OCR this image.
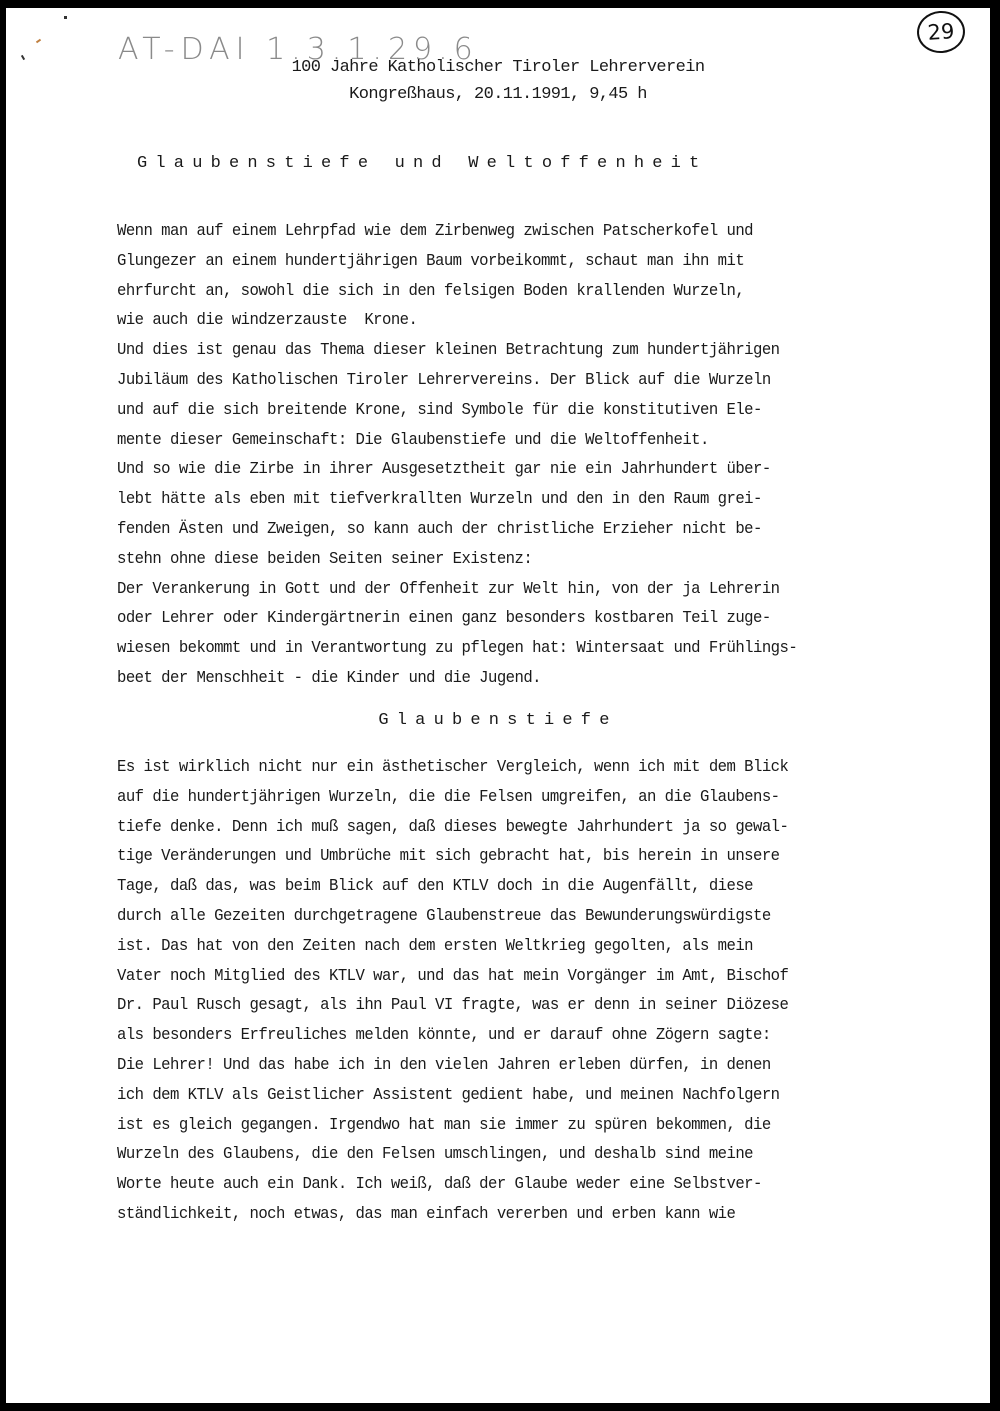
AT-DAI 1.3.1.29.6	29
100 Jahre Katholischer Tiroler Lehrerverein
Kongreßhaus, 20.11.1991, 9,45 h
Glaubenstiefe und Weltoffenheit
Wenn man auf einem Lehrpfad wie dem Zirbenweg zwischen Patscherkofel und
Glungezer an einem hundertjährigen Baum vorbeikommt, schaut man ihn mit
ehrfurcht an, sowohl die sich in den felsigen Boden krallenden Wurzeln,
wie auch die windzerzauste  Krone.
Und dies ist genau das Thema dieser kleinen Betrachtung zum hundertjährigen
Jubiläum des Katholischen Tiroler Lehrervereins. Der Blick auf die Wurzeln
und auf die sich breitende Krone, sind Symbole für die konstitutiven Ele-
mente dieser Gemeinschaft: Die Glaubenstiefe und die Weltoffenheit.
Und so wie die Zirbe in ihrer Ausgesetztheit gar nie ein Jahrhundert über-
lebt hätte als eben mit tiefverkrallten Wurzeln und den in den Raum grei-
fenden Ästen und Zweigen, so kann auch der christliche Erzieher nicht be-
stehn ohne diese beiden Seiten seiner Existenz:
Der Verankerung in Gott und der Offenheit zur Welt hin, von der ja Lehrerin
oder Lehrer oder Kindergärtnerin einen ganz besonders kostbaren Teil zuge-
wiesen bekommt und in Verantwortung zu pflegen hat: Wintersaat und Frühlings-
beet der Menschheit - die Kinder und die Jugend.
Glaubenstiefe
Es ist wirklich nicht nur ein ästhetischer Vergleich, wenn ich mit dem Blick
auf die hundertjährigen Wurzeln, die die Felsen umgreifen, an die Glaubens-
tiefe denke. Denn ich muß sagen, daß dieses bewegte Jahrhundert ja so gewal-
tige Veränderungen und Umbrüche mit sich gebracht hat, bis herein in unsere
Tage, daß das, was beim Blick auf den KTLV doch in die Augenfällt, diese
durch alle Gezeiten durchgetragene Glaubenstreue das Bewunderungswürdigste
ist. Das hat von den Zeiten nach dem ersten Weltkrieg gegolten, als mein
Vater noch Mitglied des KTLV war, und das hat mein Vorgänger im Amt, Bischof
Dr. Paul Rusch gesagt, als ihn Paul VI fragte, was er denn in seiner Diözese
als besonders Erfreuliches melden könnte, und er darauf ohne Zögern sagte:
Die Lehrer! Und das habe ich in den vielen Jahren erleben dürfen, in denen
ich dem KTLV als Geistlicher Assistent gedient habe, und meinen Nachfolgern
ist es gleich gegangen. Irgendwo hat man sie immer zu spüren bekommen, die
Wurzeln des Glaubens, die den Felsen umschlingen, und deshalb sind meine
Worte heute auch ein Dank. Ich weiß, daß der Glaube weder eine Selbstver-
ständlichkeit, noch etwas, das man einfach vererben und erben kann wie
